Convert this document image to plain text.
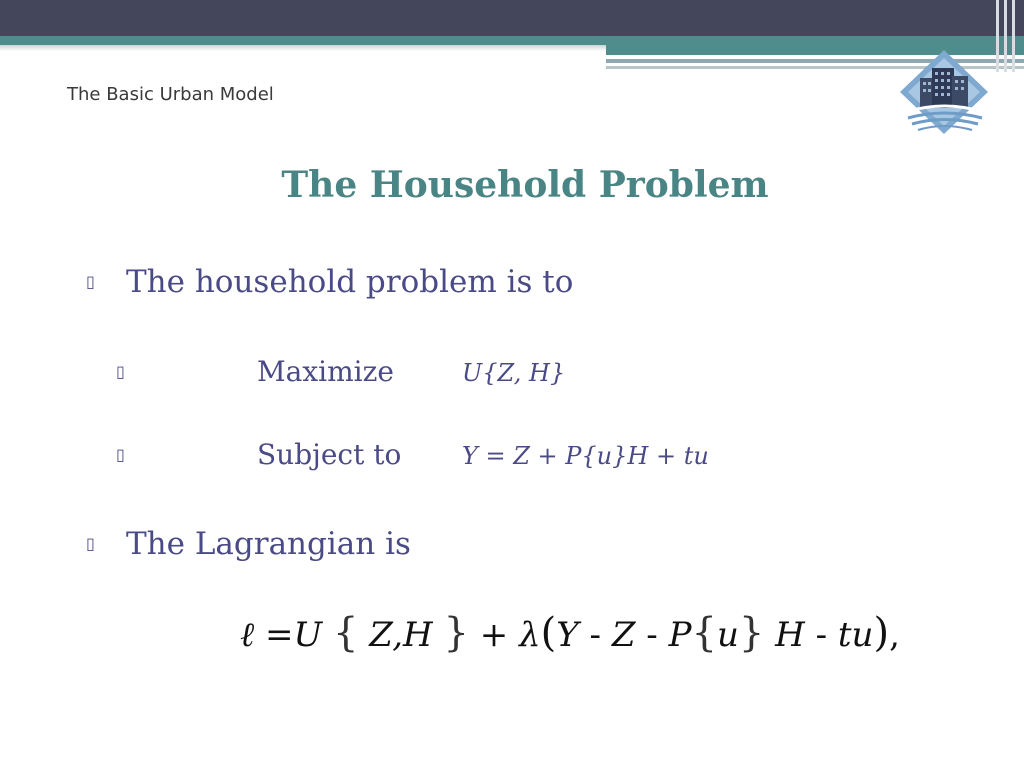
The Basic Urban Model
The Household Problem
▯ The household problem is to
▯	Maximize	U{Z, H}
▯	Subject to	Y = Z + P{u}H + tu
▯ The Lagrangian is
ℓ =U { Z,H } + λ(Y - Z - P{u} H - tu),
